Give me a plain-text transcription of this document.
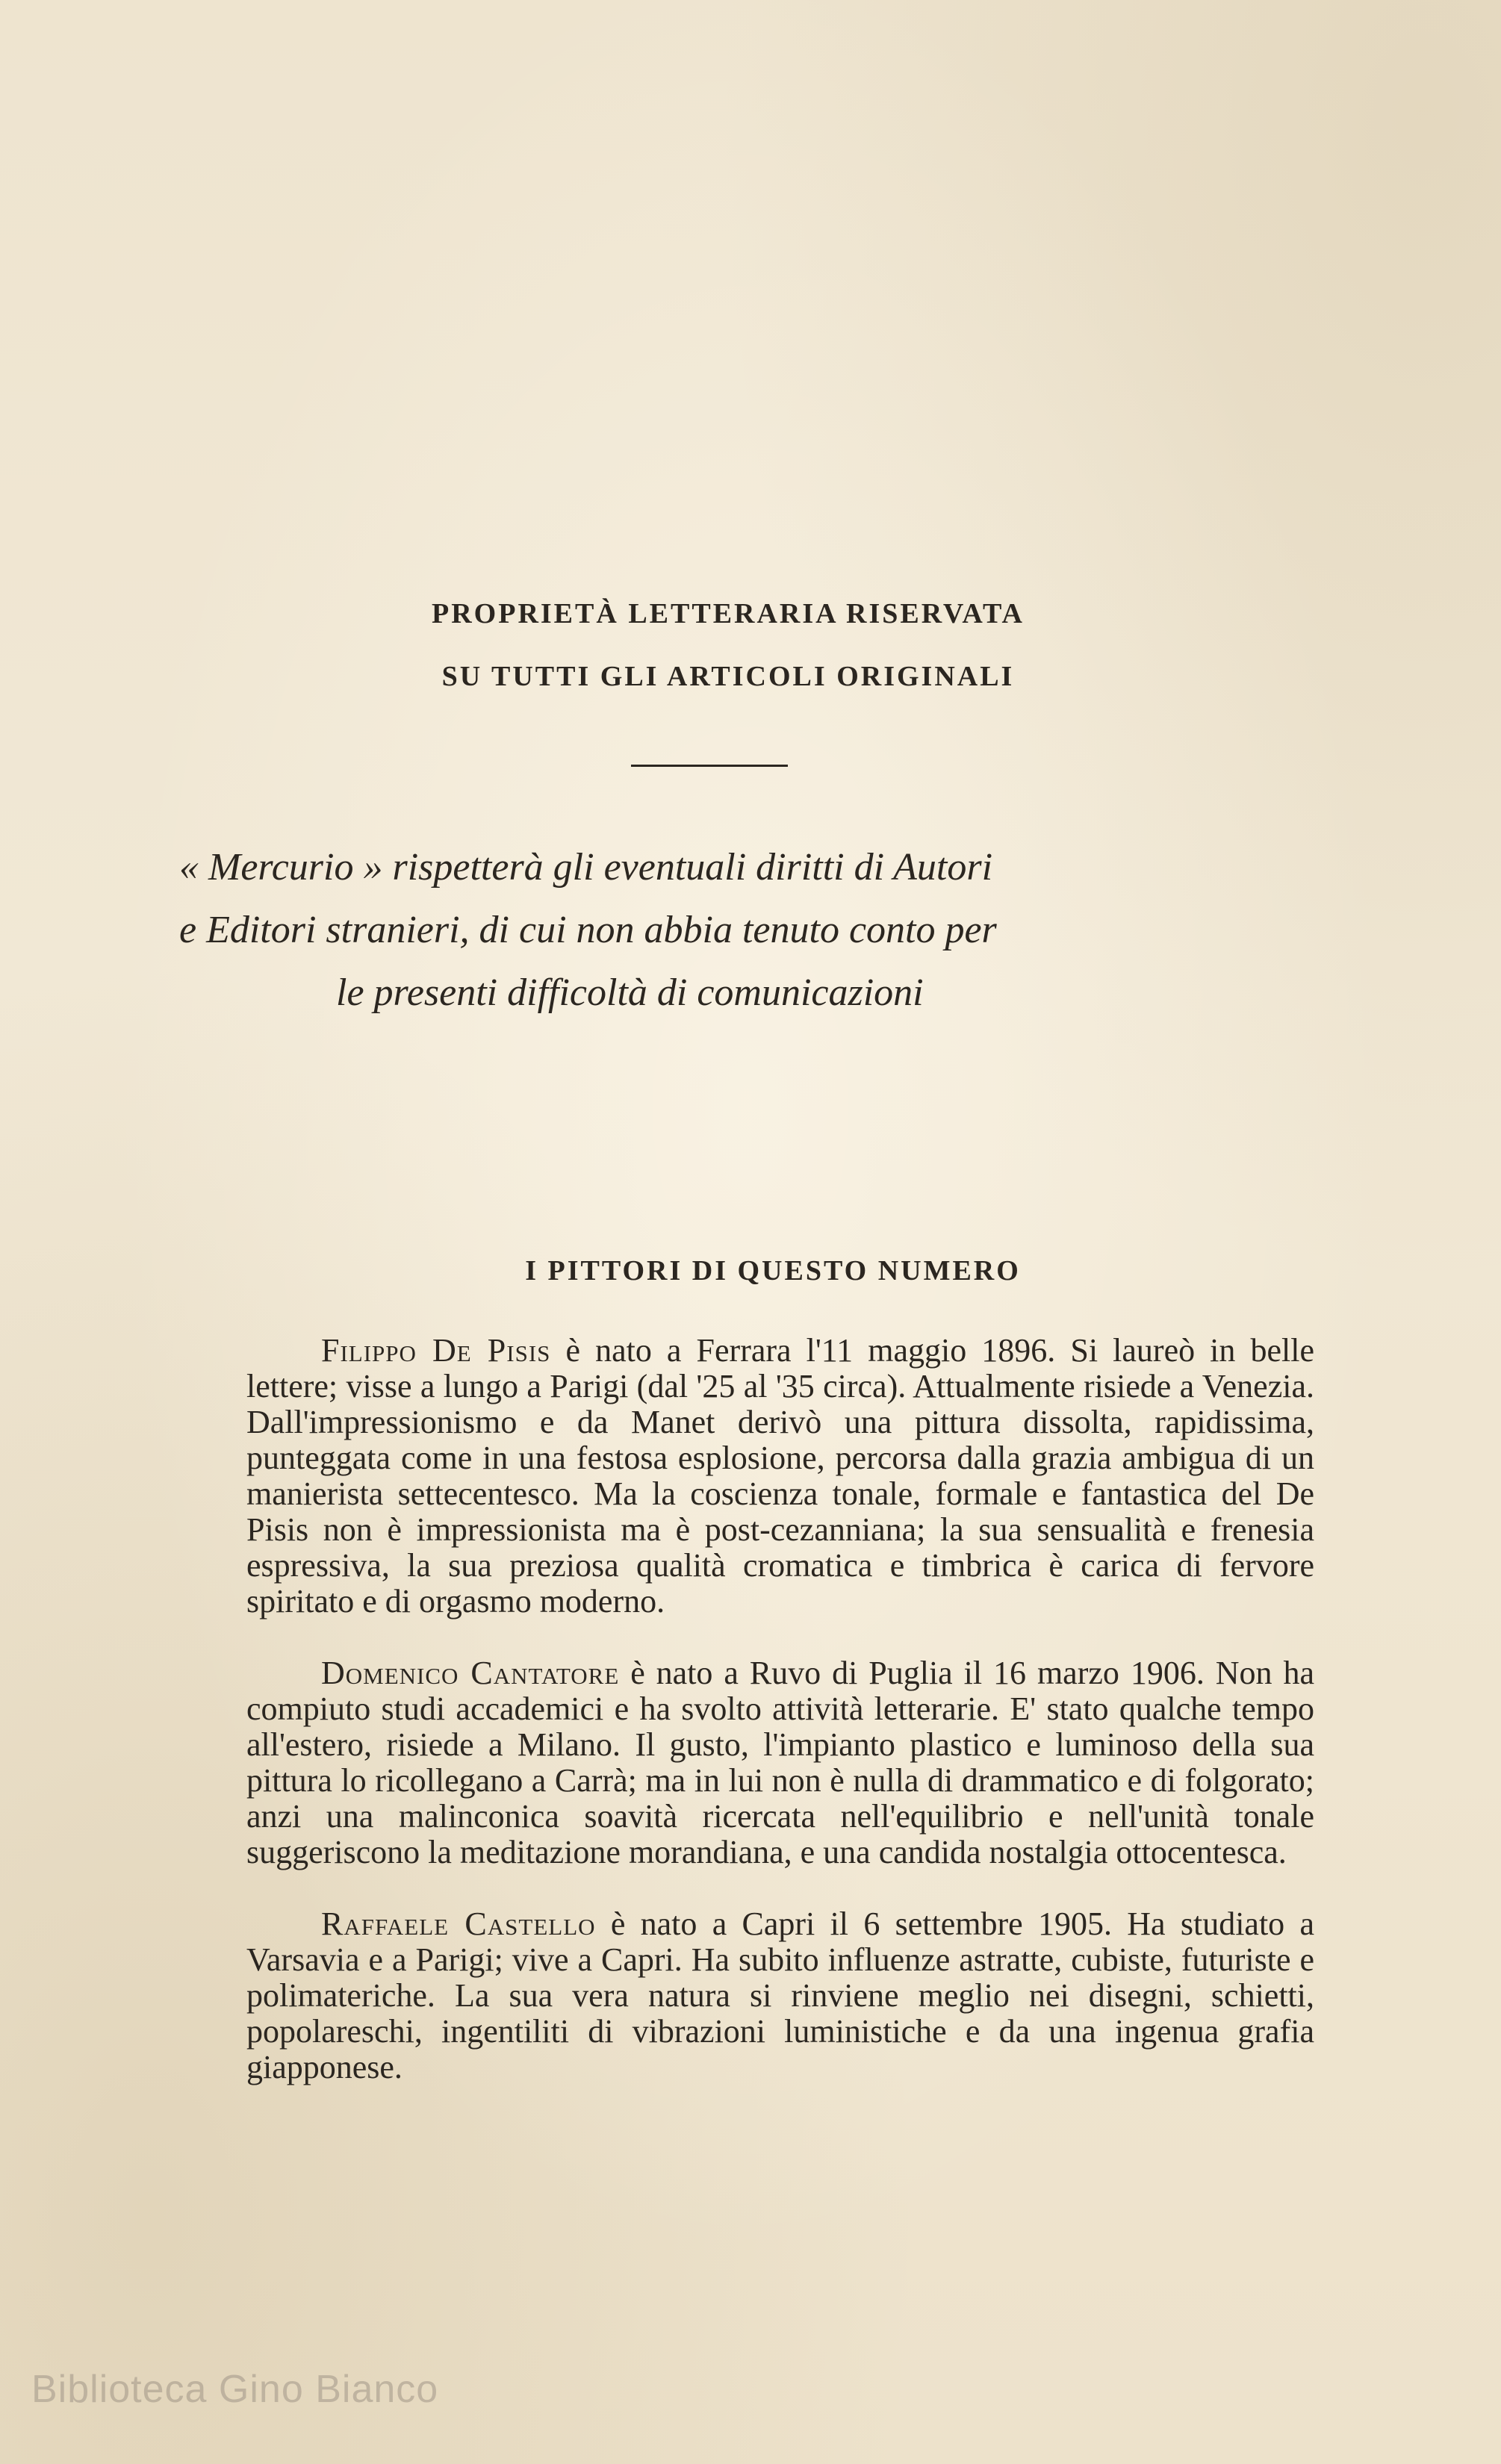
PROPRIETÀ LETTERARIA RISERVATA
SU TUTTI GLI ARTICOLI ORIGINALI
« Mercurio » rispetterà gli eventuali diritti di Autori
e Editori stranieri, di cui non abbia tenuto conto per
le presenti difficoltà di comunicazioni
I PITTORI DI QUESTO NUMERO

Filippo De Pisis è nato a Ferrara l'11 maggio 1896. Si laureò in belle lettere; visse a lungo a Parigi (dal '25 al '35 circa). Attualmente risiede a Venezia. Dall'impressionismo e da Manet derivò una pittura dissolta, rapidissima, punteggata come in una festosa esplosione, percorsa dalla grazia ambigua di un manierista settecentesco. Ma la coscienza tonale, formale e fantastica del De Pisis non è impressionista ma è post-cezanniana; la sua sensualità e frenesia espressiva, la sua preziosa qualità cromatica e timbrica è carica di fervore spiritato e di orgasmo moderno.

Domenico Cantatore è nato a Ruvo di Puglia il 16 marzo 1906. Non ha compiuto studi accademici e ha svolto attività letterarie. E' stato qualche tempo all'estero, risiede a Milano. Il gusto, l'impianto plastico e luminoso della sua pittura lo ricollegano a Carrà; ma in lui non è nulla di drammatico e di folgorato; anzi una malinconica soavità ricercata nell'equilibrio e nell'unità tonale suggeriscono la meditazione morandiana, e una candida nostalgia ottocentesca.

Raffaele Castello è nato a Capri il 6 settembre 1905. Ha studiato a Varsavia e a Parigi; vive a Capri. Ha subito influenze astratte, cubiste, futuriste e polimateriche. La sua vera natura si rinviene meglio nei disegni, schietti, popolareschi, ingentiliti di vibrazioni luministiche e da una ingenua grafia giapponese.

Biblioteca Gino Bianco
